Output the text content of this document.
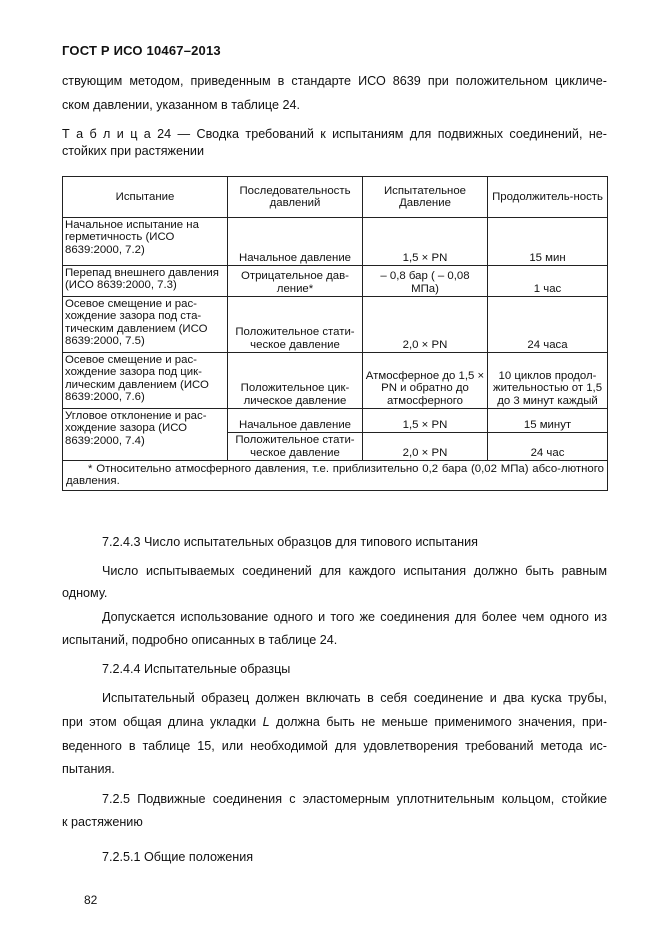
ГОСТ Р ИСО 10467–2013
ствующим методом, приведенным в стандарте ИСО 8639 при положительном цикличе-
ском давлении, указанном в таблице 24.
Т а б л и ц а 24 — Сводка требований к испытаниям для подвижных соединений, не-
стойких при растяжении
Испытание	Последовательность давлений	Испытательное Давление	Продолжитель-ность
Начальное испытание на герметичность (ИСО 8639:2000, 7.2)	Начальное давление	1,5 × PN	15 мин
Перепад внешнего давления (ИСО 8639:2000, 7.3)	Отрицательное дав-ление*	– 0,8 бар ( – 0,08 МПа)	1 час
Осевое смещение и рас-хождение зазора под ста-тическим давлением (ИСО 8639:2000, 7.5)	Положительное стати-ческое давление	2,0 × PN	24 часа
Осевое смещение и рас-хождение зазора под цик-лическим давлением (ИСО 8639:2000, 7.6)	Положительное цик-лическое давление	Атмосферное до 1,5 × PN и обратно до атмосферного	10 циклов продол-жительностью от 1,5 до 3 минут каждый
Угловое отклонение и рас-хождение зазора (ИСО 8639:2000, 7.4)	Начальное давление	1,5 × PN	15 минут
	Положительное стати-ческое давление	2,0 × PN	24 час

* Относительно атмосферного давления, т.е. приблизительно 0,2 бара (0,02 МПа) абсо-лютного давления.			
7.2.4.3 Число испытательных образцов для типового испытания
Число испытываемых соединений для каждого испытания должно быть равным
одному.
Допускается использование одного и того же соединения для более чем одного из
испытаний, подробно описанных в таблице 24.
7.2.4.4 Испытательные образцы
Испытательный образец должен включать в себя соединение и два куска трубы,
при этом общая длина укладки L должна быть не меньше применимого значения, при-
веденного в таблице 15, или необходимой для удовлетворения требований метода ис-
пытания.
7.2.5 Подвижные соединения с эластомерным уплотнительным кольцом, стойкие
к растяжению
7.2.5.1 Общие положения
82
